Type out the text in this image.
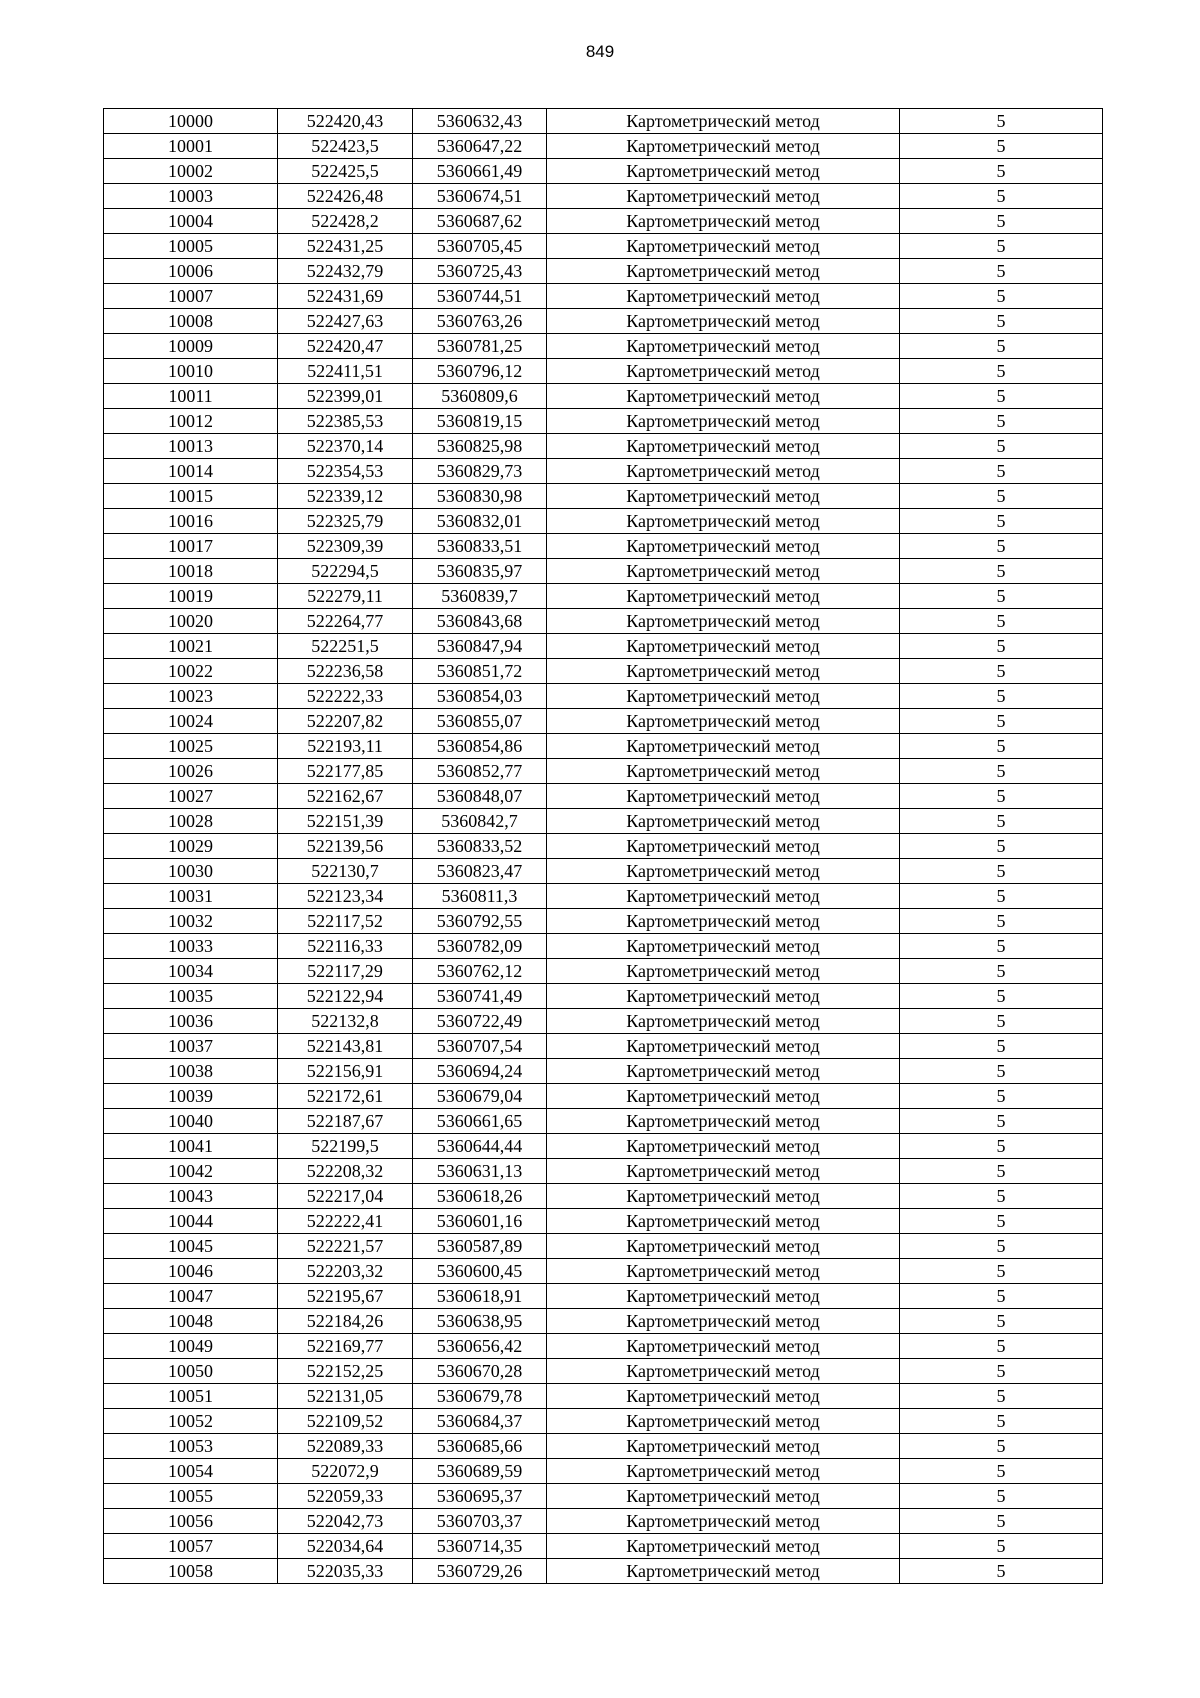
849
10000	522420,43	5360632,43	Картометрический метод	5
10001	522423,5	5360647,22	Картометрический метод	5
10002	522425,5	5360661,49	Картометрический метод	5
10003	522426,48	5360674,51	Картометрический метод	5
10004	522428,2	5360687,62	Картометрический метод	5
10005	522431,25	5360705,45	Картометрический метод	5
10006	522432,79	5360725,43	Картометрический метод	5
10007	522431,69	5360744,51	Картометрический метод	5
10008	522427,63	5360763,26	Картометрический метод	5
10009	522420,47	5360781,25	Картометрический метод	5
10010	522411,51	5360796,12	Картометрический метод	5
10011	522399,01	5360809,6	Картометрический метод	5
10012	522385,53	5360819,15	Картометрический метод	5
10013	522370,14	5360825,98	Картометрический метод	5
10014	522354,53	5360829,73	Картометрический метод	5
10015	522339,12	5360830,98	Картометрический метод	5
10016	522325,79	5360832,01	Картометрический метод	5
10017	522309,39	5360833,51	Картометрический метод	5
10018	522294,5	5360835,97	Картометрический метод	5
10019	522279,11	5360839,7	Картометрический метод	5
10020	522264,77	5360843,68	Картометрический метод	5
10021	522251,5	5360847,94	Картометрический метод	5
10022	522236,58	5360851,72	Картометрический метод	5
10023	522222,33	5360854,03	Картометрический метод	5
10024	522207,82	5360855,07	Картометрический метод	5
10025	522193,11	5360854,86	Картометрический метод	5
10026	522177,85	5360852,77	Картометрический метод	5
10027	522162,67	5360848,07	Картометрический метод	5
10028	522151,39	5360842,7	Картометрический метод	5
10029	522139,56	5360833,52	Картометрический метод	5
10030	522130,7	5360823,47	Картометрический метод	5
10031	522123,34	5360811,3	Картометрический метод	5
10032	522117,52	5360792,55	Картометрический метод	5
10033	522116,33	5360782,09	Картометрический метод	5
10034	522117,29	5360762,12	Картометрический метод	5
10035	522122,94	5360741,49	Картометрический метод	5
10036	522132,8	5360722,49	Картометрический метод	5
10037	522143,81	5360707,54	Картометрический метод	5
10038	522156,91	5360694,24	Картометрический метод	5
10039	522172,61	5360679,04	Картометрический метод	5
10040	522187,67	5360661,65	Картометрический метод	5
10041	522199,5	5360644,44	Картометрический метод	5
10042	522208,32	5360631,13	Картометрический метод	5
10043	522217,04	5360618,26	Картометрический метод	5
10044	522222,41	5360601,16	Картометрический метод	5
10045	522221,57	5360587,89	Картометрический метод	5
10046	522203,32	5360600,45	Картометрический метод	5
10047	522195,67	5360618,91	Картометрический метод	5
10048	522184,26	5360638,95	Картометрический метод	5
10049	522169,77	5360656,42	Картометрический метод	5
10050	522152,25	5360670,28	Картометрический метод	5
10051	522131,05	5360679,78	Картометрический метод	5
10052	522109,52	5360684,37	Картометрический метод	5
10053	522089,33	5360685,66	Картометрический метод	5
10054	522072,9	5360689,59	Картометрический метод	5
10055	522059,33	5360695,37	Картометрический метод	5
10056	522042,73	5360703,37	Картометрический метод	5
10057	522034,64	5360714,35	Картометрический метод	5
10058	522035,33	5360729,26	Картометрический метод	5
